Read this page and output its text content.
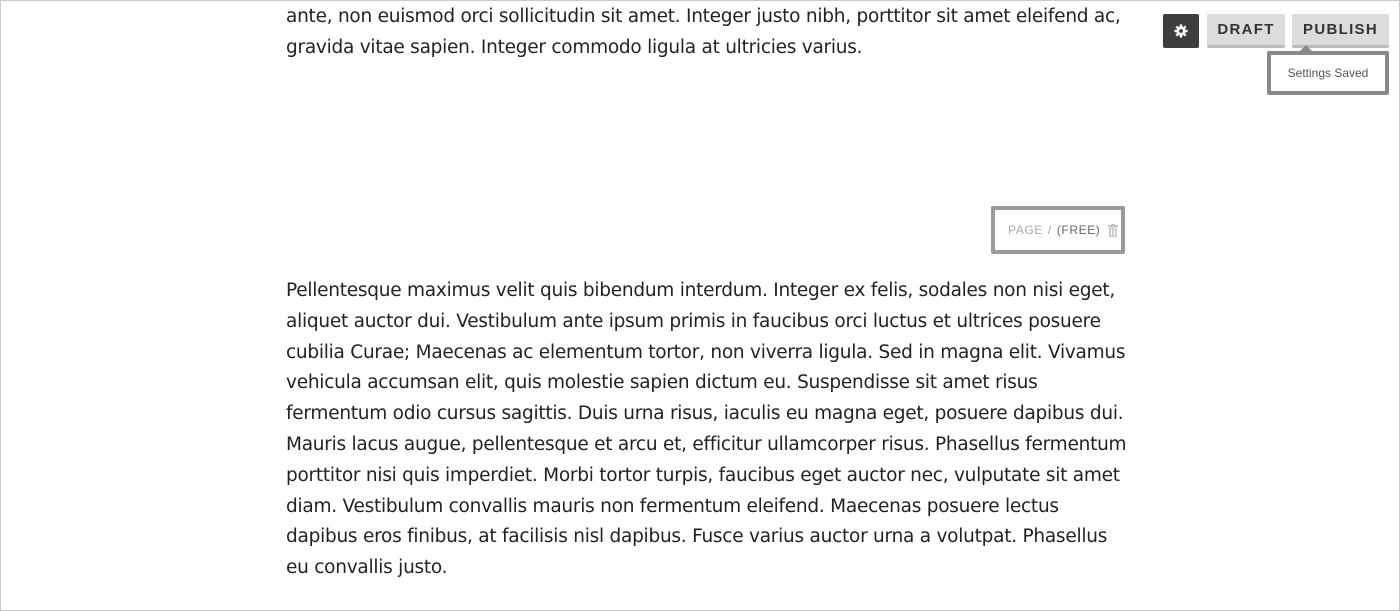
ante, non euismod orci sollicitudin sit amet. Integer justo nibh, porttitor sit amet eleifend ac, gravida vitae sapien. Integer commodo ligula at ultricies varius.

PAGE / (FREE)

Pellentesque maximus velit quis bibendum interdum. Integer ex felis, sodales non nisi eget, aliquet auctor dui. Vestibulum ante ipsum primis in faucibus orci luctus et ultrices posuere cubilia Curae; Maecenas ac elementum tortor, non viverra ligula. Sed in magna elit. Vivamus vehicula accumsan elit, quis molestie sapien dictum eu. Suspendisse sit amet risus fermentum odio cursus sagittis. Duis urna risus, iaculis eu magna eget, posuere dapibus dui. Mauris lacus augue, pellentesque et arcu et, efficitur ullamcorper risus. Phasellus fermentum porttitor nisi quis imperdiet. Morbi tortor turpis, faucibus eget auctor nec, vulputate sit amet diam. Vestibulum convallis mauris non fermentum eleifend. Maecenas posuere lectus dapibus eros finibus, at facilisis nisl dapibus. Fusce varius auctor urna a volutpat. Phasellus eu convallis justo.

DRAFT	PUBLISH
Settings Saved
